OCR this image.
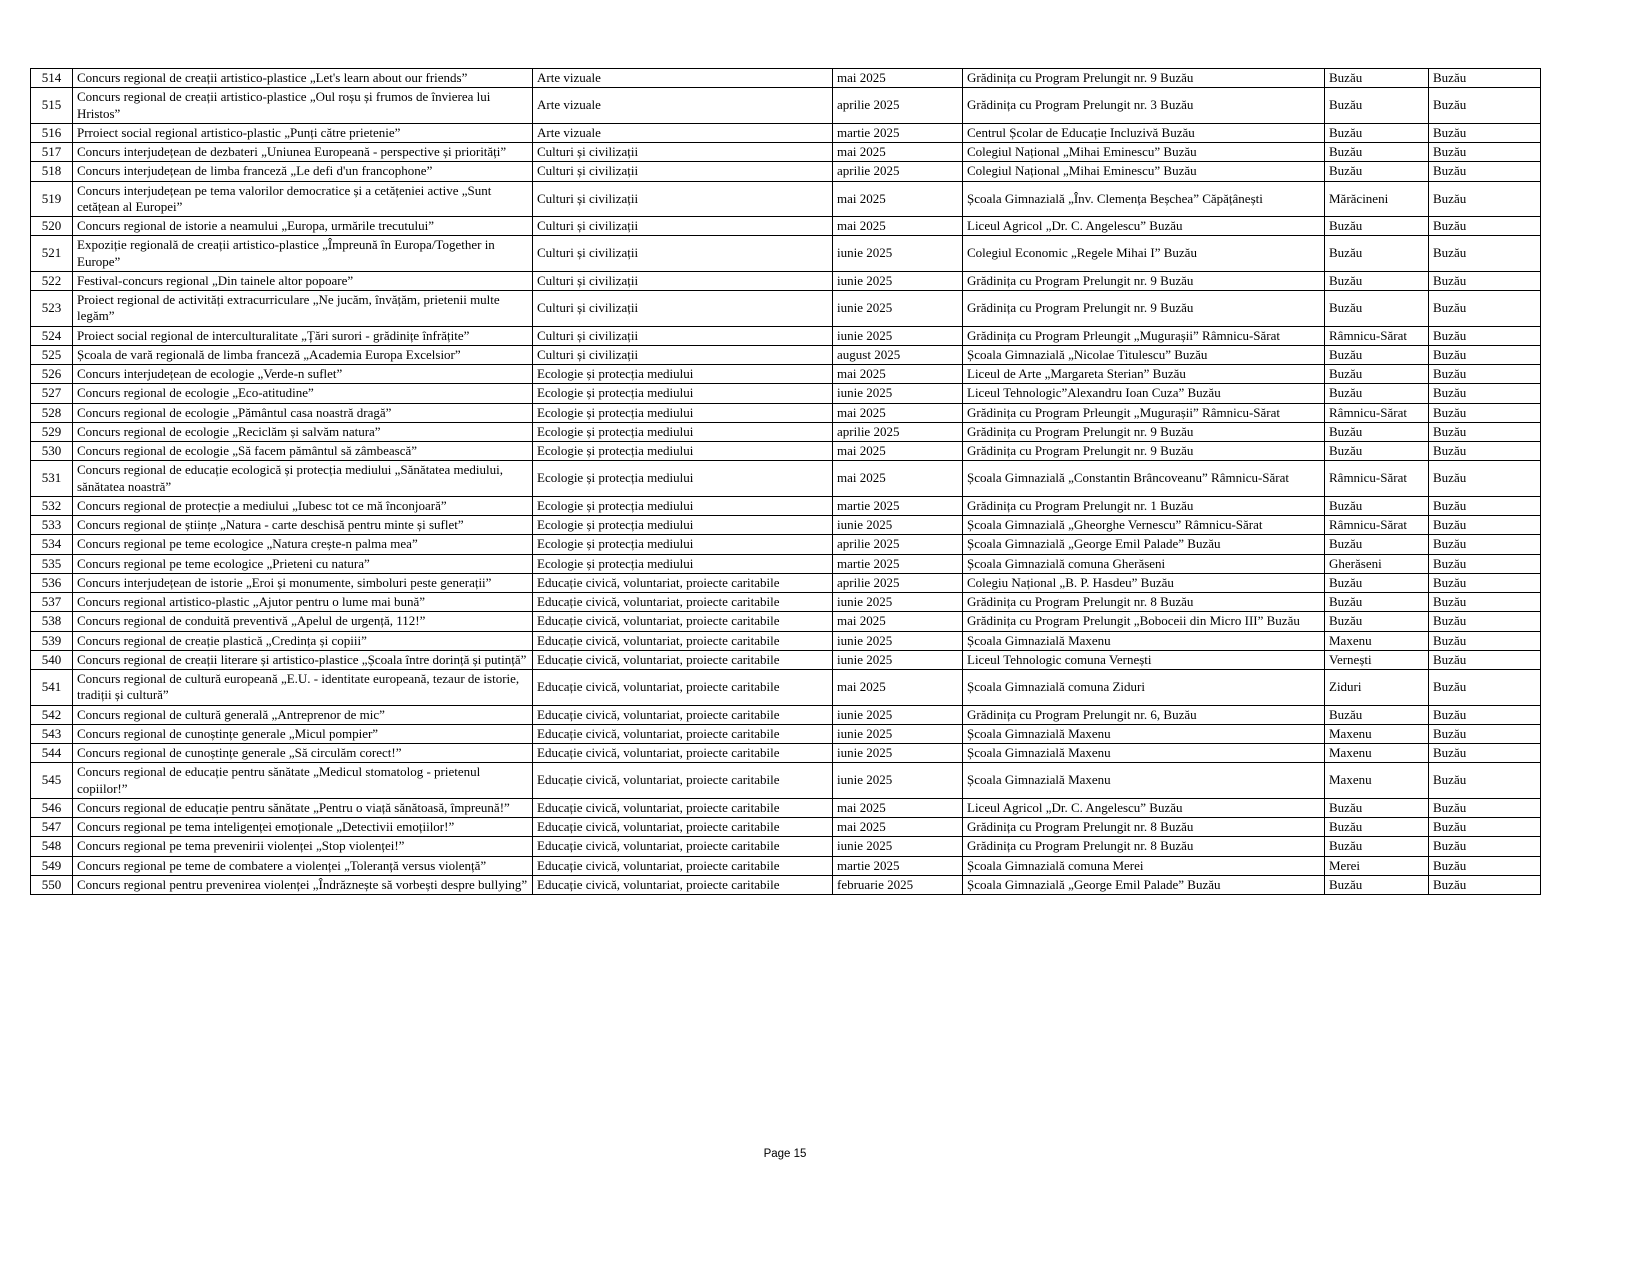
514	Concurs regional de creații artistico-plastice „Let's learn about our friends”	Arte vizuale	mai 2025	Grădinița cu Program Prelungit nr. 9 Buzău	Buzău	Buzău
515	Concurs regional de creații artistico-plastice „Oul roșu și frumos de învierea lui Hristos”	Arte vizuale	aprilie 2025	Grădinița cu Program Prelungit nr. 3 Buzău	Buzău	Buzău
516	Prroiect social regional artistico-plastic „Punți către prietenie”	Arte vizuale	martie 2025	Centrul Școlar de Educație Incluzivă Buzău	Buzău	Buzău
517	Concurs interjudețean de dezbateri „Uniunea Europeană - perspective și priorități”	Culturi și civilizații	mai 2025	Colegiul Național „Mihai Eminescu” Buzău	Buzău	Buzău
518	Concurs interjudețean de limba franceză „Le defi d'un francophone”	Culturi și civilizații	aprilie 2025	Colegiul Național „Mihai Eminescu” Buzău	Buzău	Buzău
519	Concurs interjudețean pe tema valorilor democratice și a cetățeniei active „Sunt cetățean al Europei”	Culturi și civilizații	mai 2025	Școala Gimnazială „Înv. Clemența Beșchea” Căpățânești	Mărăcineni	Buzău
520	Concurs regional de istorie a neamului „Europa, urmările trecutului”	Culturi și civilizații	mai 2025	Liceul Agricol „Dr. C. Angelescu” Buzău	Buzău	Buzău
521	Expoziție regională de creații artistico-plastice „Împreună în Europa/Together in Europe”	Culturi și civilizații	iunie 2025	Colegiul Economic „Regele Mihai I” Buzău	Buzău	Buzău
522	Festival-concurs regional „Din tainele altor popoare”	Culturi și civilizații	iunie 2025	Grădinița cu Program Prelungit nr. 9 Buzău	Buzău	Buzău
523	Proiect regional de activități extracurriculare „Ne jucăm, învățăm, prietenii multe legăm”	Culturi și civilizații	iunie 2025	Grădinița cu Program Prelungit nr. 9 Buzău	Buzău	Buzău
524	Proiect social regional de interculturalitate „Țări surori - grădinițe înfrățite”	Culturi și civilizații	iunie 2025	Grădinița cu Program Prleungit „Mugurașii” Râmnicu-Sărat	Râmnicu-Sărat	Buzău
525	Școala de vară regională de limba franceză „Academia Europa Excelsior”	Culturi și civilizații	august 2025	Școala Gimnazială „Nicolae Titulescu” Buzău	Buzău	Buzău
526	Concurs interjudețean de ecologie „Verde-n suflet”	Ecologie și protecția mediului	mai 2025	Liceul de Arte „Margareta Sterian” Buzău	Buzău	Buzău
527	Concurs regional de ecologie „Eco-atitudine”	Ecologie și protecția mediului	iunie 2025	Liceul Tehnologic”Alexandru Ioan Cuza” Buzău	Buzău	Buzău
528	Concurs regional de ecologie „Pământul casa noastră dragă”	Ecologie și protecția mediului	mai 2025	Grădinița cu Program Prleungit „Mugurașii” Râmnicu-Sărat	Râmnicu-Sărat	Buzău
529	Concurs regional de ecologie „Reciclăm și salvăm natura”	Ecologie și protecția mediului	aprilie 2025	Grădinița cu Program Prelungit nr. 9 Buzău	Buzău	Buzău
530	Concurs regional de ecologie „Să facem pământul să zâmbească”	Ecologie și protecția mediului	mai 2025	Grădinița cu Program Prelungit nr. 9 Buzău	Buzău	Buzău
531	Concurs regional de educație ecologică și protecția mediului „Sănătatea mediului, sănătatea noastră”	Ecologie și protecția mediului	mai 2025	Școala Gimnazială „Constantin Brâncoveanu” Râmnicu-Sărat	Râmnicu-Sărat	Buzău
532	Concurs regional de protecție a mediului „Iubesc tot ce mă înconjoară”	Ecologie și protecția mediului	martie 2025	Grădinița cu Program Prelungit nr. 1 Buzău	Buzău	Buzău
533	Concurs regional de științe „Natura - carte deschisă pentru minte și suflet”	Ecologie și protecția mediului	iunie 2025	Școala Gimnazială „Gheorghe Vernescu” Râmnicu-Sărat	Râmnicu-Sărat	Buzău
534	Concurs regional pe teme ecologice „Natura crește-n palma mea”	Ecologie și protecția mediului	aprilie 2025	Școala Gimnazială „George Emil Palade” Buzău	Buzău	Buzău
535	Concurs regional pe teme ecologice „Prieteni cu natura”	Ecologie și protecția mediului	martie 2025	Școala Gimnazială comuna Gherăseni	Gherăseni	Buzău
536	Concurs interjudețean de istorie „Eroi și monumente, simboluri peste generații”	Educație civică, voluntariat, proiecte caritabile	aprilie 2025	Colegiu Național „B. P. Hasdeu” Buzău	Buzău	Buzău
537	Concurs regional artistico-plastic „Ajutor pentru o lume mai bună”	Educație civică, voluntariat, proiecte caritabile	iunie 2025	Grădinița cu Program Prelungit nr. 8 Buzău	Buzău	Buzău
538	Concurs regional de conduită preventivă „Apelul de urgență, 112!”	Educație civică, voluntariat, proiecte caritabile	mai 2025	Grădinița cu Program Prelungit „Boboceii din Micro III” Buzău	Buzău	Buzău
539	Concurs regional de creație plastică „Credința și copiii”	Educație civică, voluntariat, proiecte caritabile	iunie 2025	Școala Gimnazială Maxenu	Maxenu	Buzău
540	Concurs regional de creații literare și artistico-plastice „Școala între dorință și putință”	Educație civică, voluntariat, proiecte caritabile	iunie 2025	Liceul Tehnologic comuna Vernești	Vernești	Buzău
541	Concurs regional de cultură europeană „E.U. - identitate europeană, tezaur de istorie, tradiții și cultură”	Educație civică, voluntariat, proiecte caritabile	mai 2025	Școala Gimnazială comuna Ziduri	Ziduri	Buzău
542	Concurs regional de cultură generală „Antreprenor de mic”	Educație civică, voluntariat, proiecte caritabile	iunie 2025	Grădinița cu Program Prelungit nr. 6, Buzău	Buzău	Buzău
543	Concurs regional de cunoștințe generale „Micul pompier”	Educație civică, voluntariat, proiecte caritabile	iunie 2025	Școala Gimnazială Maxenu	Maxenu	Buzău
544	Concurs regional de cunoștințe generale „Să circulăm corect!”	Educație civică, voluntariat, proiecte caritabile	iunie 2025	Școala Gimnazială Maxenu	Maxenu	Buzău
545	Concurs regional de educație pentru sănătate „Medicul stomatolog - prietenul copiilor!”	Educație civică, voluntariat, proiecte caritabile	iunie 2025	Școala Gimnazială Maxenu	Maxenu	Buzău
546	Concurs regional de educație pentru sănătate „Pentru o viață sănătoasă, împreună!”	Educație civică, voluntariat, proiecte caritabile	mai 2025	Liceul Agricol „Dr. C. Angelescu” Buzău	Buzău	Buzău
547	Concurs regional pe tema inteligenței emoționale „Detectivii emoțiilor!”	Educație civică, voluntariat, proiecte caritabile	mai 2025	Grădinița cu Program Prelungit nr. 8 Buzău	Buzău	Buzău
548	Concurs regional pe tema prevenirii violenței „Stop violenței!”	Educație civică, voluntariat, proiecte caritabile	iunie 2025	Grădinița cu Program Prelungit nr. 8 Buzău	Buzău	Buzău
549	Concurs regional pe teme de combatere a violenței „Toleranță versus violență”	Educație civică, voluntariat, proiecte caritabile	martie 2025	Școala Gimnazială comuna Merei	Merei	Buzău
550	Concurs regional pentru prevenirea violenței „Îndrăznește să vorbești despre bullying”	Educație civică, voluntariat, proiecte caritabile	februarie 2025	Școala Gimnazială „George Emil Palade” Buzău	Buzău	Buzău
Page 15
